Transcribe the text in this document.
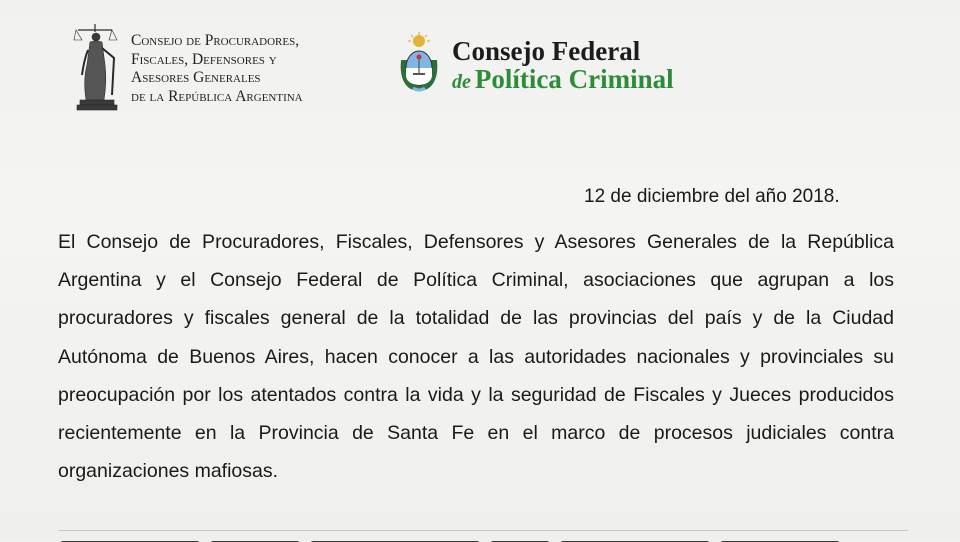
Consejo de Procuradores,
Fiscales, Defensores y
Asesores Generales
de la República Argentina
Consejo Federal
de Política Criminal
12 de diciembre del año 2018.
El Consejo de Procuradores, Fiscales, Defensores y Asesores Generales de la República Argentina y el Consejo Federal de Política Criminal, asociaciones que agrupan a los procuradores y fiscales general de la totalidad de las provincias del país y de la Ciudad Autónoma de Buenos Aires, hacen conocer a las autoridades nacionales y provinciales su preocupación por los atentados contra la vida y la seguridad de Fiscales y Jueces producidos recientemente en la Provincia de Santa Fe en el marco de procesos judiciales contra organizaciones mafiosas.
